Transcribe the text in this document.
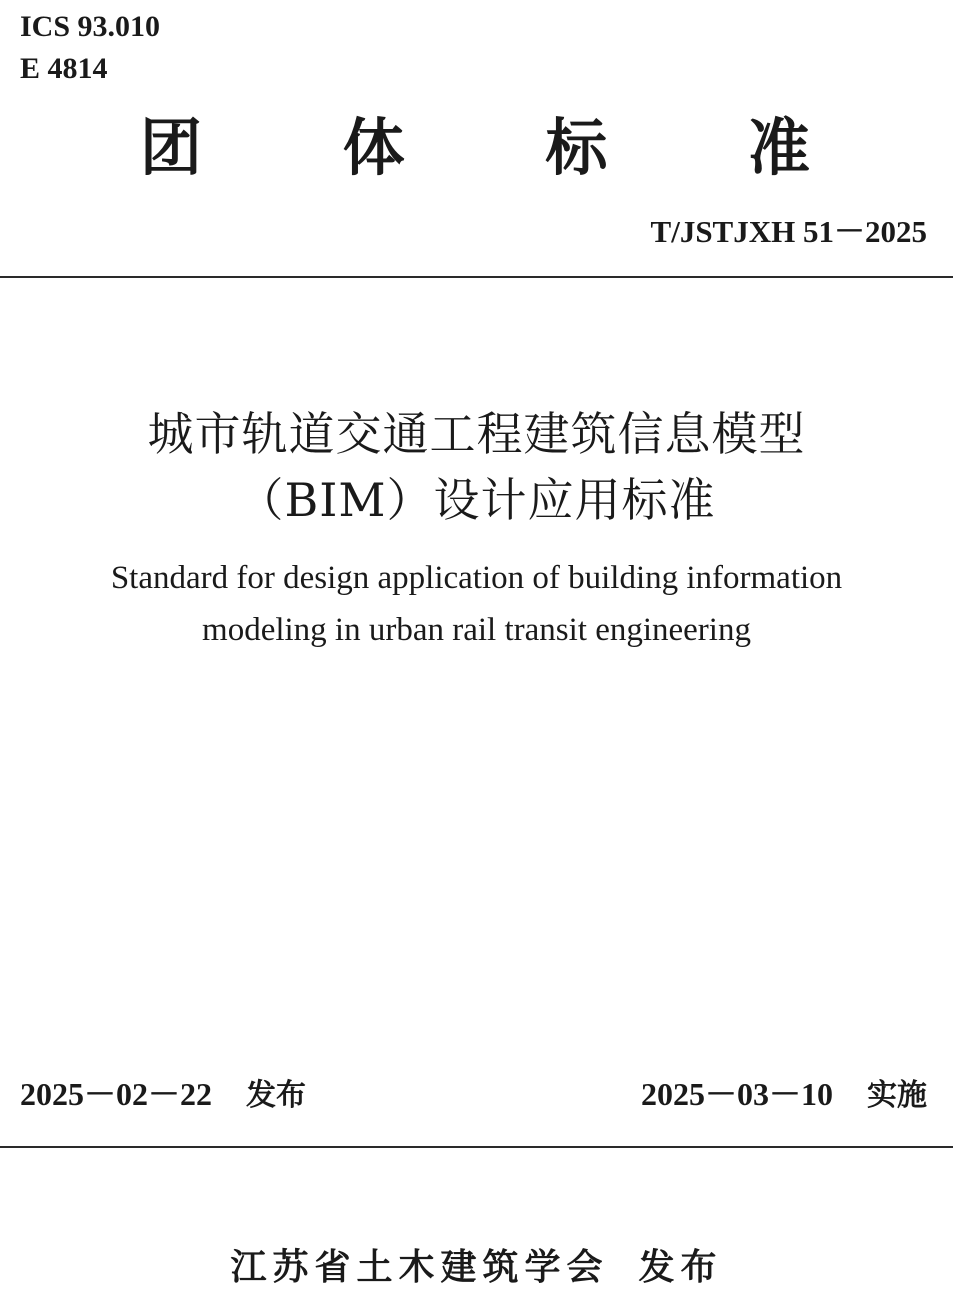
ICS 93.010
E 4814
团 体 标 准
T/JSTJXH 51－2025
城市轨道交通工程建筑信息模型
（BIM）设计应用标准
Standard for design application of building information
modeling in urban rail transit engineering
2025－02－22 发布	2025－03－10 实施
江苏省土木建筑学会 发布
